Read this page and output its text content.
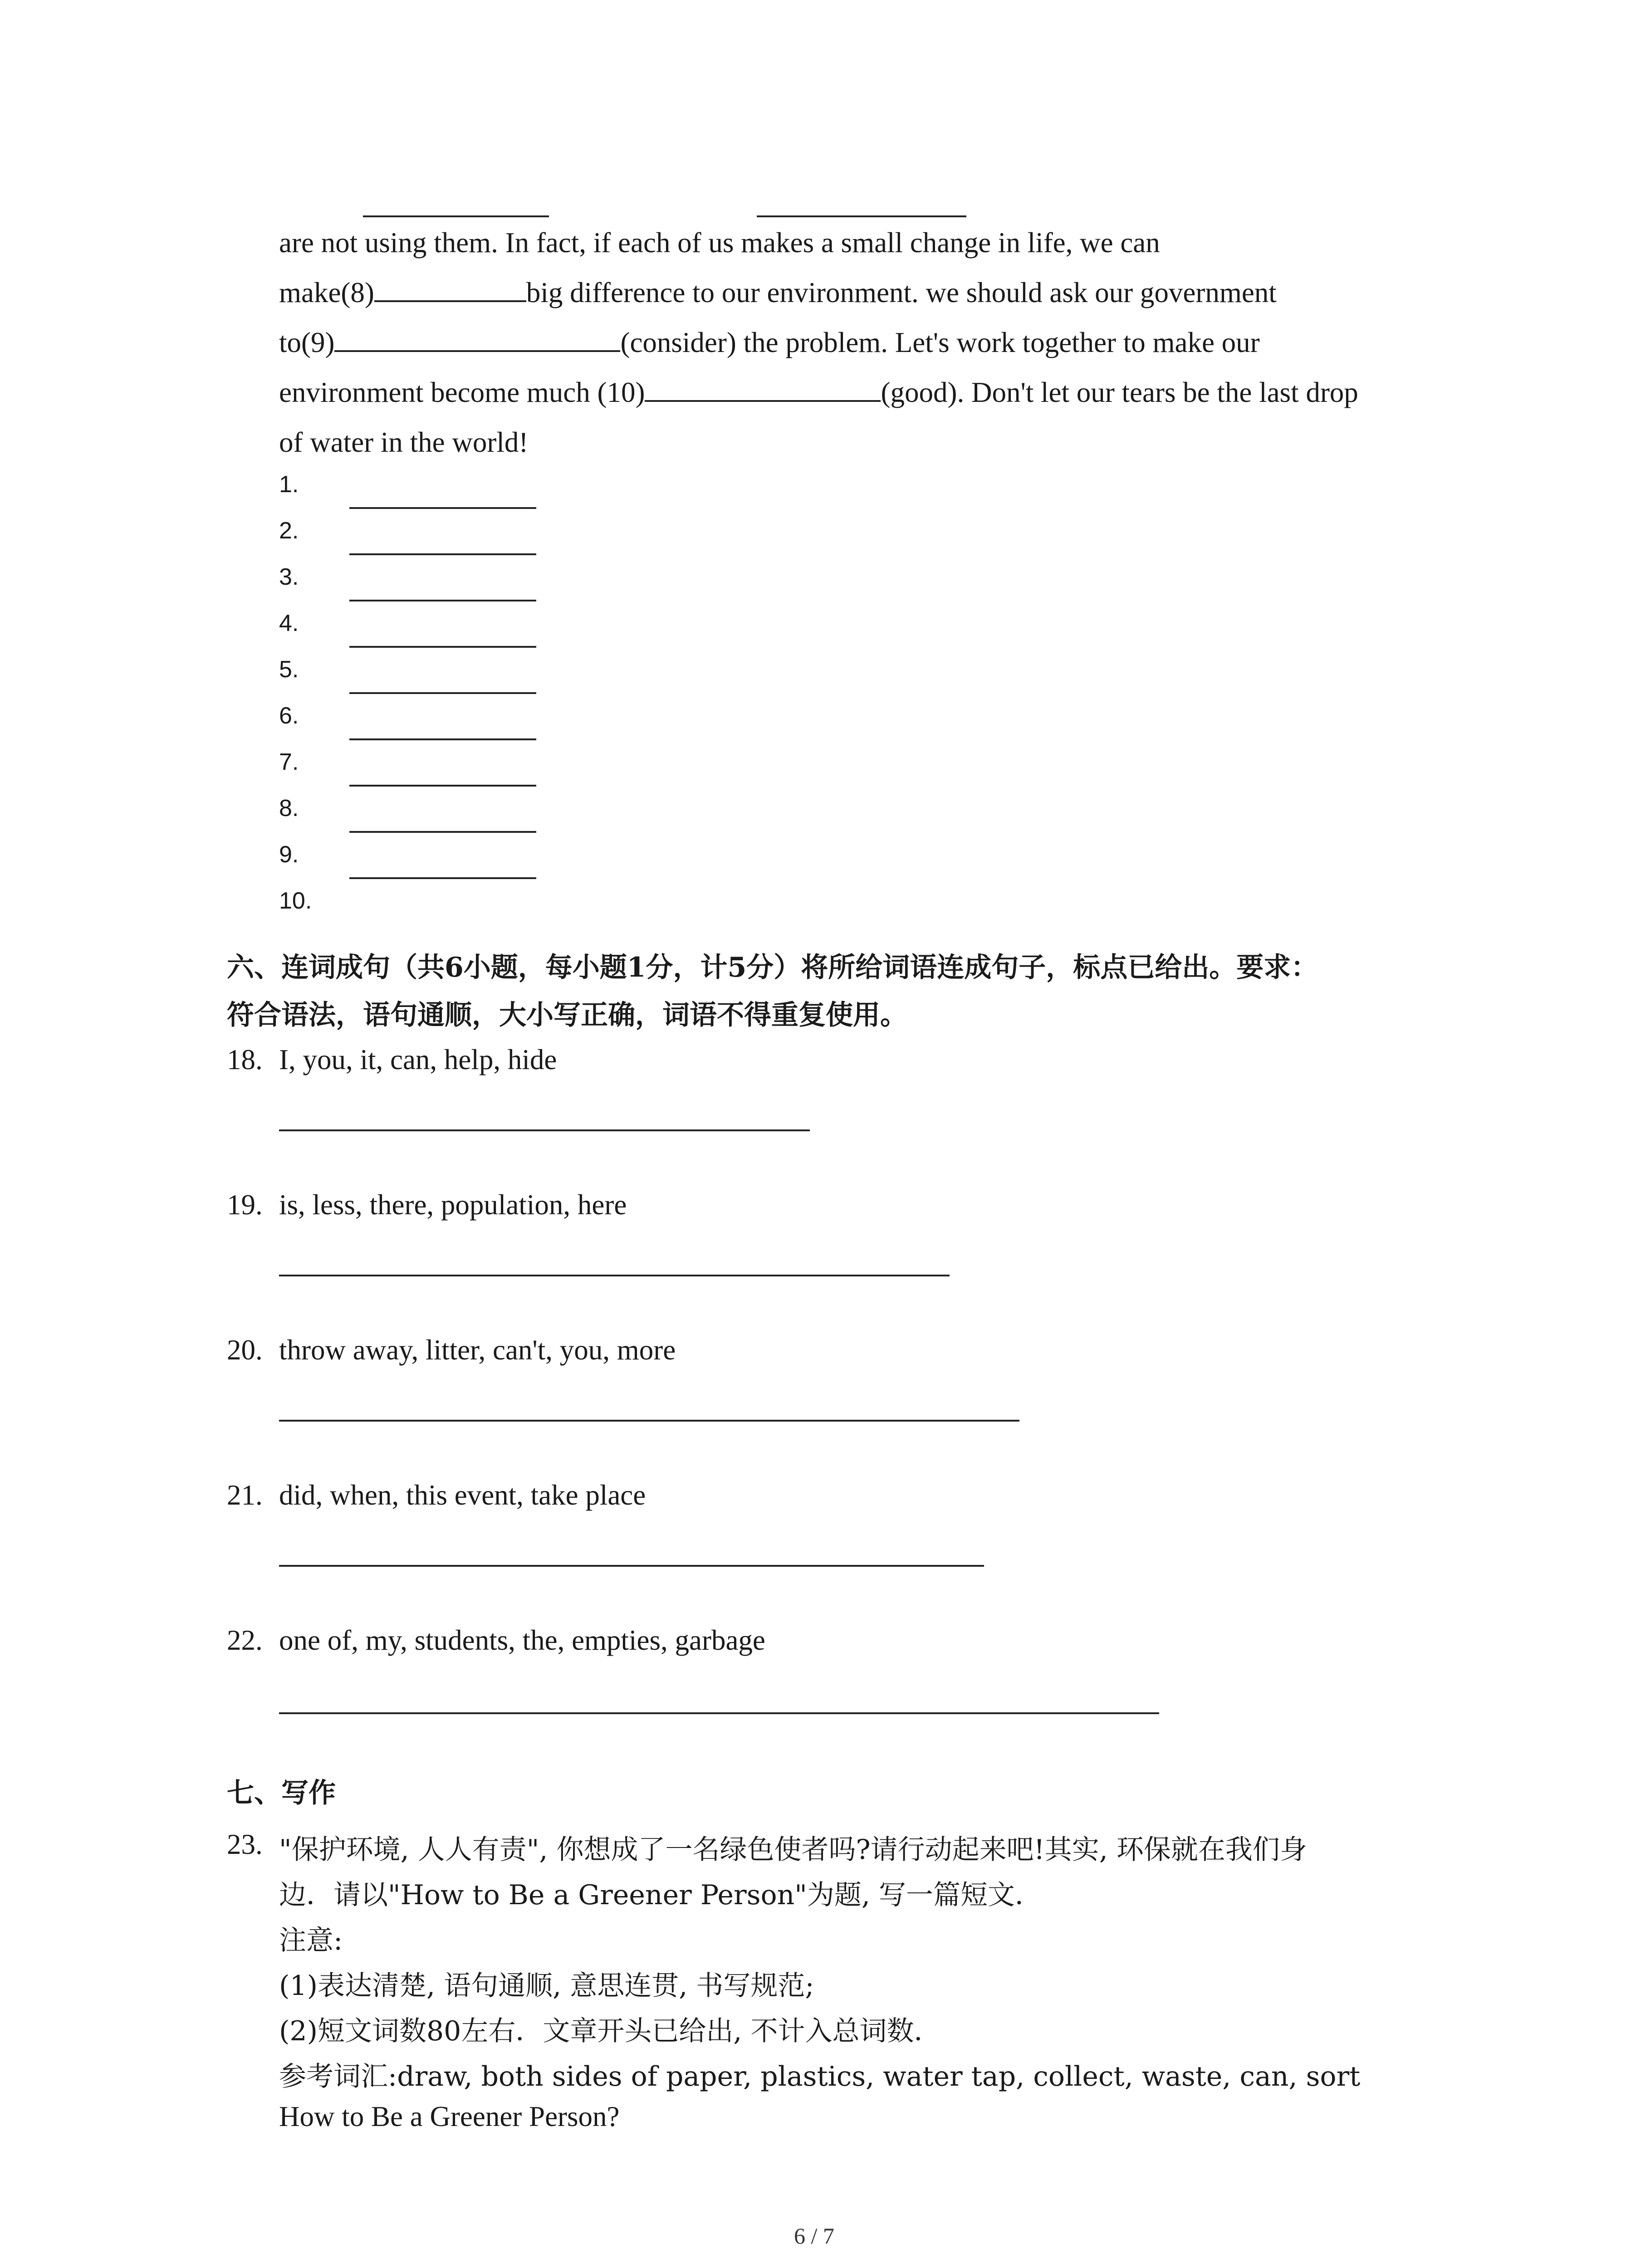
are not using them. In fact, if each of us makes a small change in life, we can
make(8)	big difference to our environment. we should ask our government
to(9)	(consider) the problem. Let's work together to make our
environment become much (10)	(good). Don't let our tears be the last drop
of water in the world!
1.
2.
3.
4.
5.
6.
7.
8.
9.
10.
六、连词成句（共6小题，每小题1分，计5分）将所给词语连成句子，标点已给出。要求：
符合语法，语句通顺，大小写正确，词语不得重复使用。
18. I, you, it, can, help, hide
19. is, less, there, population, here
20. throw away, litter, can't, you, more
21. did, when, this event, take place
22. one of, my, students, the, empties, garbage
七、写作
23. "保护环境, 人人有责", 你想成了一名绿色使者吗?请行动起来吧!其实, 环保就在我们身
边．请以"How to Be a Greener Person"为题, 写一篇短文．
注意:
(1)表达清楚, 语句通顺, 意思连贯, 书写规范;
(2)短文词数80左右．文章开头已给出, 不计入总词数．
参考词汇:draw, both sides of paper, plastics, water tap, collect, waste, can, sort
How to Be a Greener Person?
6 / 7
